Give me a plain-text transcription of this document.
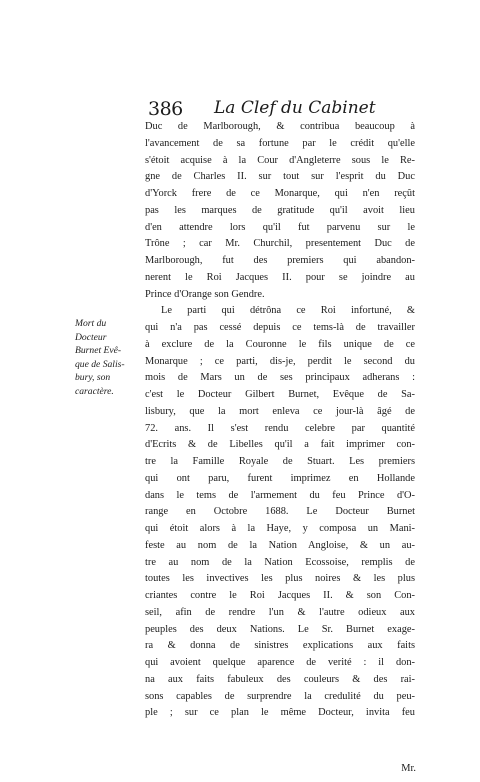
386 La Clef du Cabinet
Mort du
Docteur
Burnet Evê-
que de Salis-
bury, son
caractère.
Duc de Marlborough, & contribua beaucoup à
l'avancement de sa fortune par le crédit qu'elle
s'étoit acquise à la Cour d'Angleterre sous le Re-
gne de Charles II. sur tout sur l'esprit du Duc
d'Yorck frere de ce Monarque, qui n'en reçût
pas les marques de gratitude qu'il avoit lieu
d'en attendre lors qu'il fut parvenu sur le
Trône ; car Mr. Churchil, presentement Duc de
Marlborough, fut des premiers qui abandon-
nerent le Roi Jacques II. pour se joindre au
Prince d'Orange son Gendre.
Le parti qui détrôna ce Roi infortuné, &
qui n'a pas cessé depuis ce tems-là de travailler
à exclure de la Couronne le fils unique de ce
Monarque ; ce parti, dis-je, perdit le second du
mois de Mars un de ses principaux adherans :
c'est le Docteur Gilbert Burnet, Evêque de Sa-
lisbury, que la mort enleva ce jour-là âgé de
72. ans. Il s'est rendu celebre par quantité
d'Ecrits & de Libelles qu'il a fait imprimer con-
tre la Famille Royale de Stuart. Les premiers
qui ont paru, furent imprimez en Hollande
dans le tems de l'armement du feu Prince d'O-
range en Octobre 1688. Le Docteur Burnet
qui étoit alors à la Haye, y composa un Mani-
feste au nom de la Nation Angloise, & un au-
tre au nom de la Nation Ecossoise, remplis de
toutes les invectives les plus noires & les plus
criantes contre le Roi Jacques II. & son Con-
seil, afin de rendre l'un & l'autre odieux aux
peuples des deux Nations. Le Sr. Burnet exage-
ra & donna de sinistres explications aux faits
qui avoient quelque aparence de verité : il don-
na aux faits fabuleux des couleurs & des rai-
sons capables de surprendre la credulité du peu-
ple ; sur ce plan le même Docteur, invita feu
Mr.
